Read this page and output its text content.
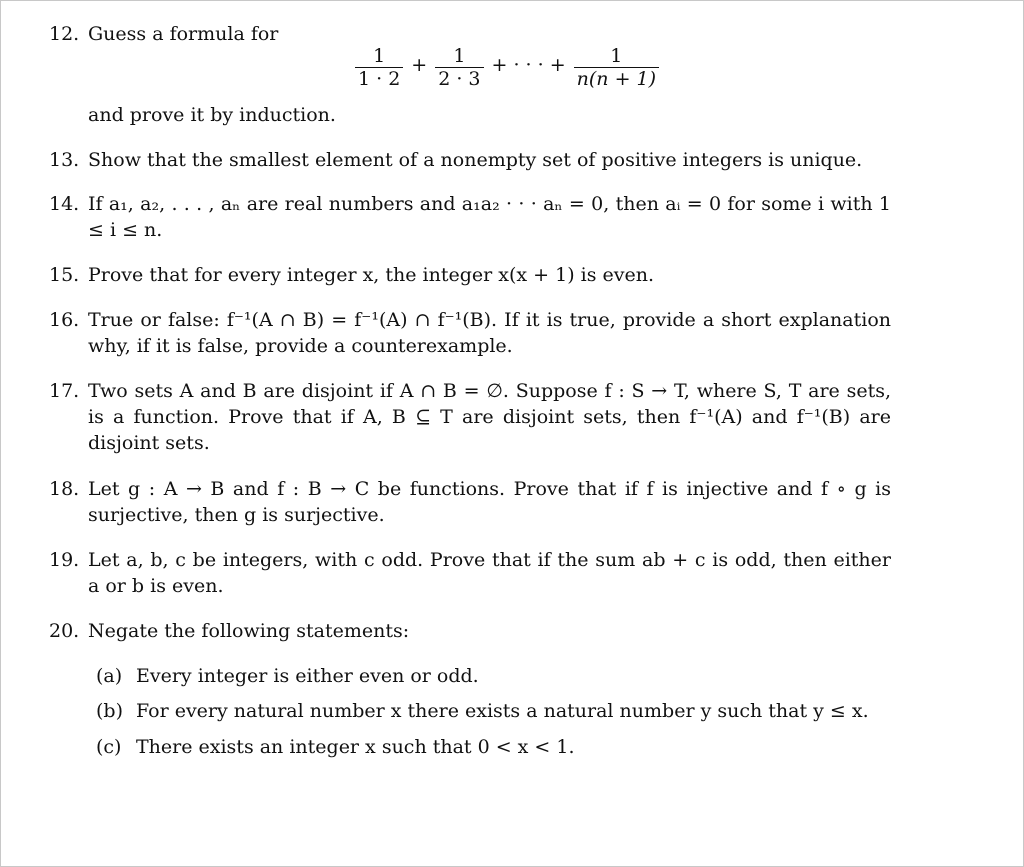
12. Guess a formula for
$\frac{1}{1 \cdot 2} + \frac{1}{2 \cdot 3}$ + · · · + $\frac{1}{n(n + 1)}$
and prove it by induction.
13. Show that the smallest element of a nonempty set of positive integers is unique.
14. If a₁, a₂, . . . , aₙ are real numbers and a₁a₂ · · · aₙ = 0, then aᵢ = 0 for some i with 1 ≤ i ≤ n.
15. Prove that for every integer x, the integer x(x + 1) is even.
16. True or false: f⁻¹(A ∩ B) = f⁻¹(A) ∩ f⁻¹(B). If it is true, provide a short explanation why, if it is false, provide a counterexample.
17. Two sets A and B are disjoint if A ∩ B = ∅. Suppose f : S → T, where S, T are sets, is a function. Prove that if A, B ⊆ T are disjoint sets, then f⁻¹(A) and f⁻¹(B) are disjoint sets.
18. Let g : A → B and f : B → C be functions. Prove that if f is injective and f ∘ g is surjective, then g is surjective.
19. Let a, b, c be integers, with c odd. Prove that if the sum ab + c is odd, then either a or b is even.
20. Negate the following statements:
(a) Every integer is either even or odd.
(b) For every natural number x there exists a natural number y such that y ≤ x.
(c) There exists an integer x such that 0 < x < 1.
